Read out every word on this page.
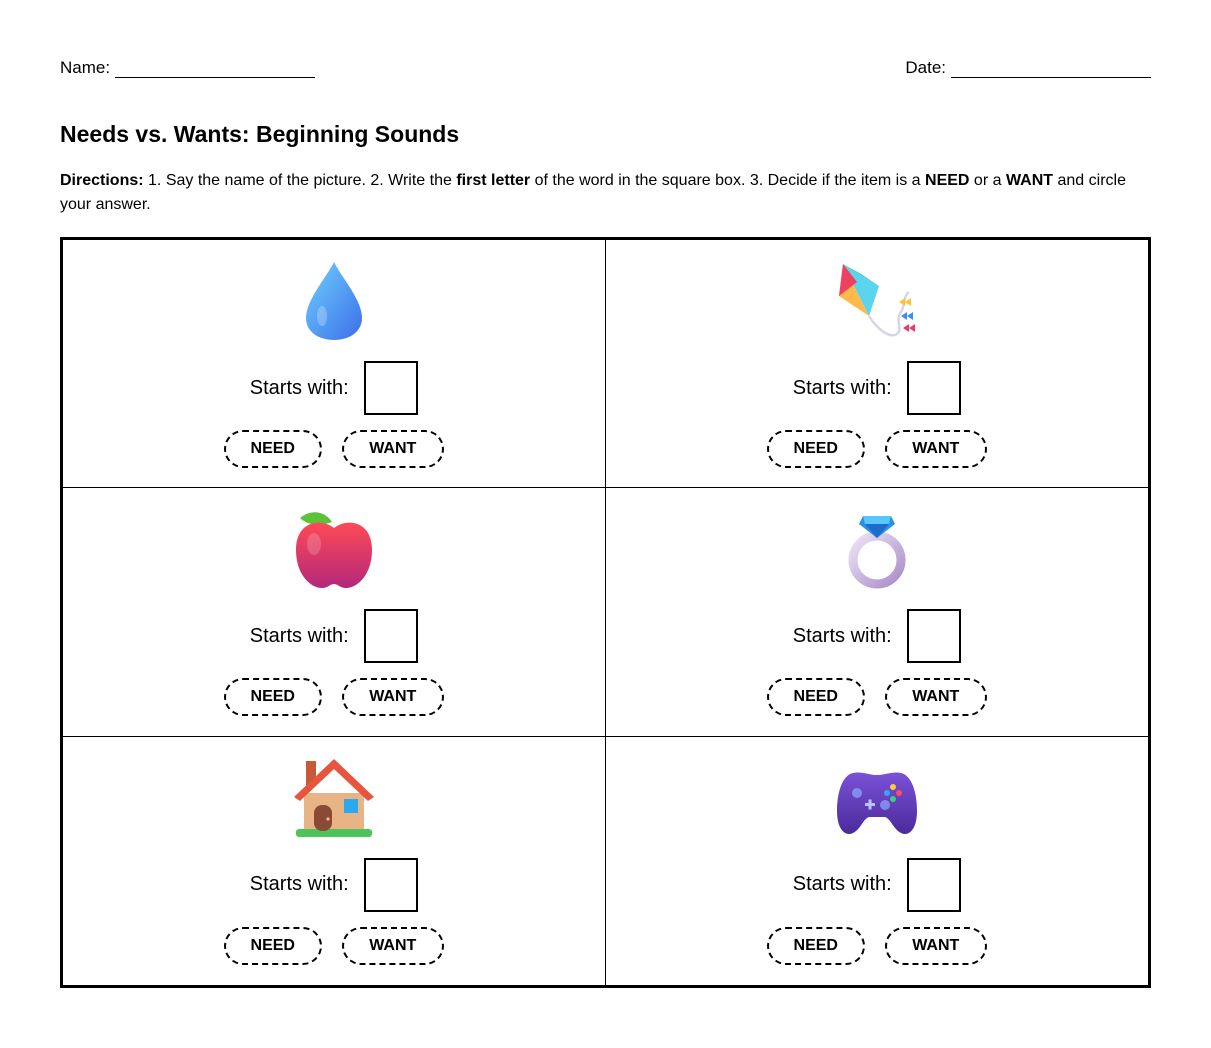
Name:	Date:
Needs vs. Wants: Beginning Sounds
Directions: 1. Say the name of the picture. 2. Write the first letter of the word in the square box. 3. Decide if the item is a NEED or a WANT and circle your answer.
Starts with:
NEED	WANT
Starts with:
NEED	WANT
Starts with:
NEED	WANT
Starts with:
NEED	WANT
Starts with:
NEED	WANT
Starts with:
NEED	WANT
